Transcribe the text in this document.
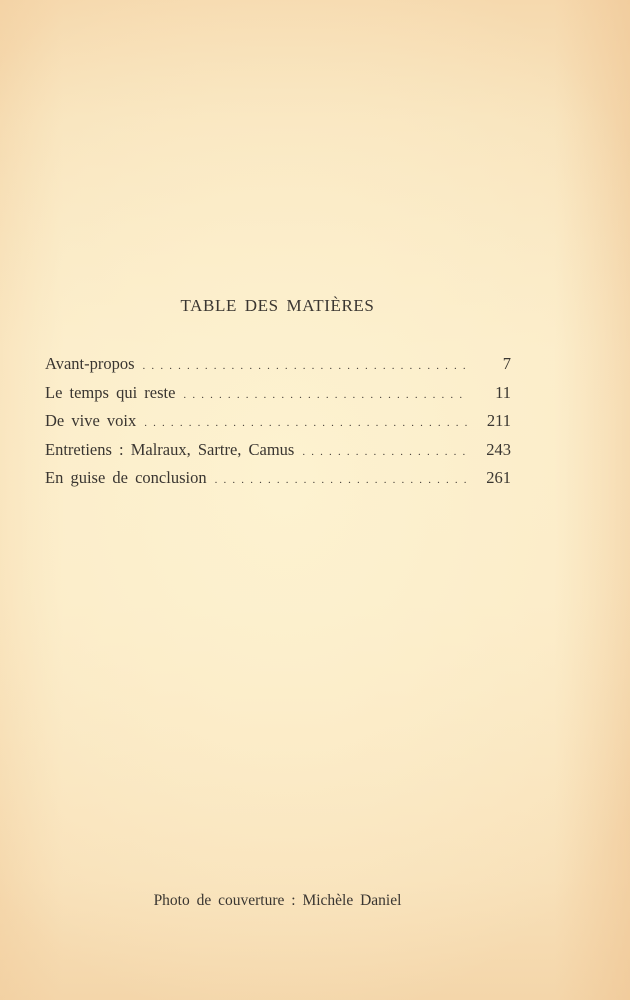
TABLE DES MATIÈRES
Avant-propos . . .	7
Le temps qui reste . . .	11
De vive voix . . .	211
Entretiens : Malraux, Sartre, Camus . . .	243
En guise de conclusion . . .	261

Photo de couverture : Michèle Daniel
